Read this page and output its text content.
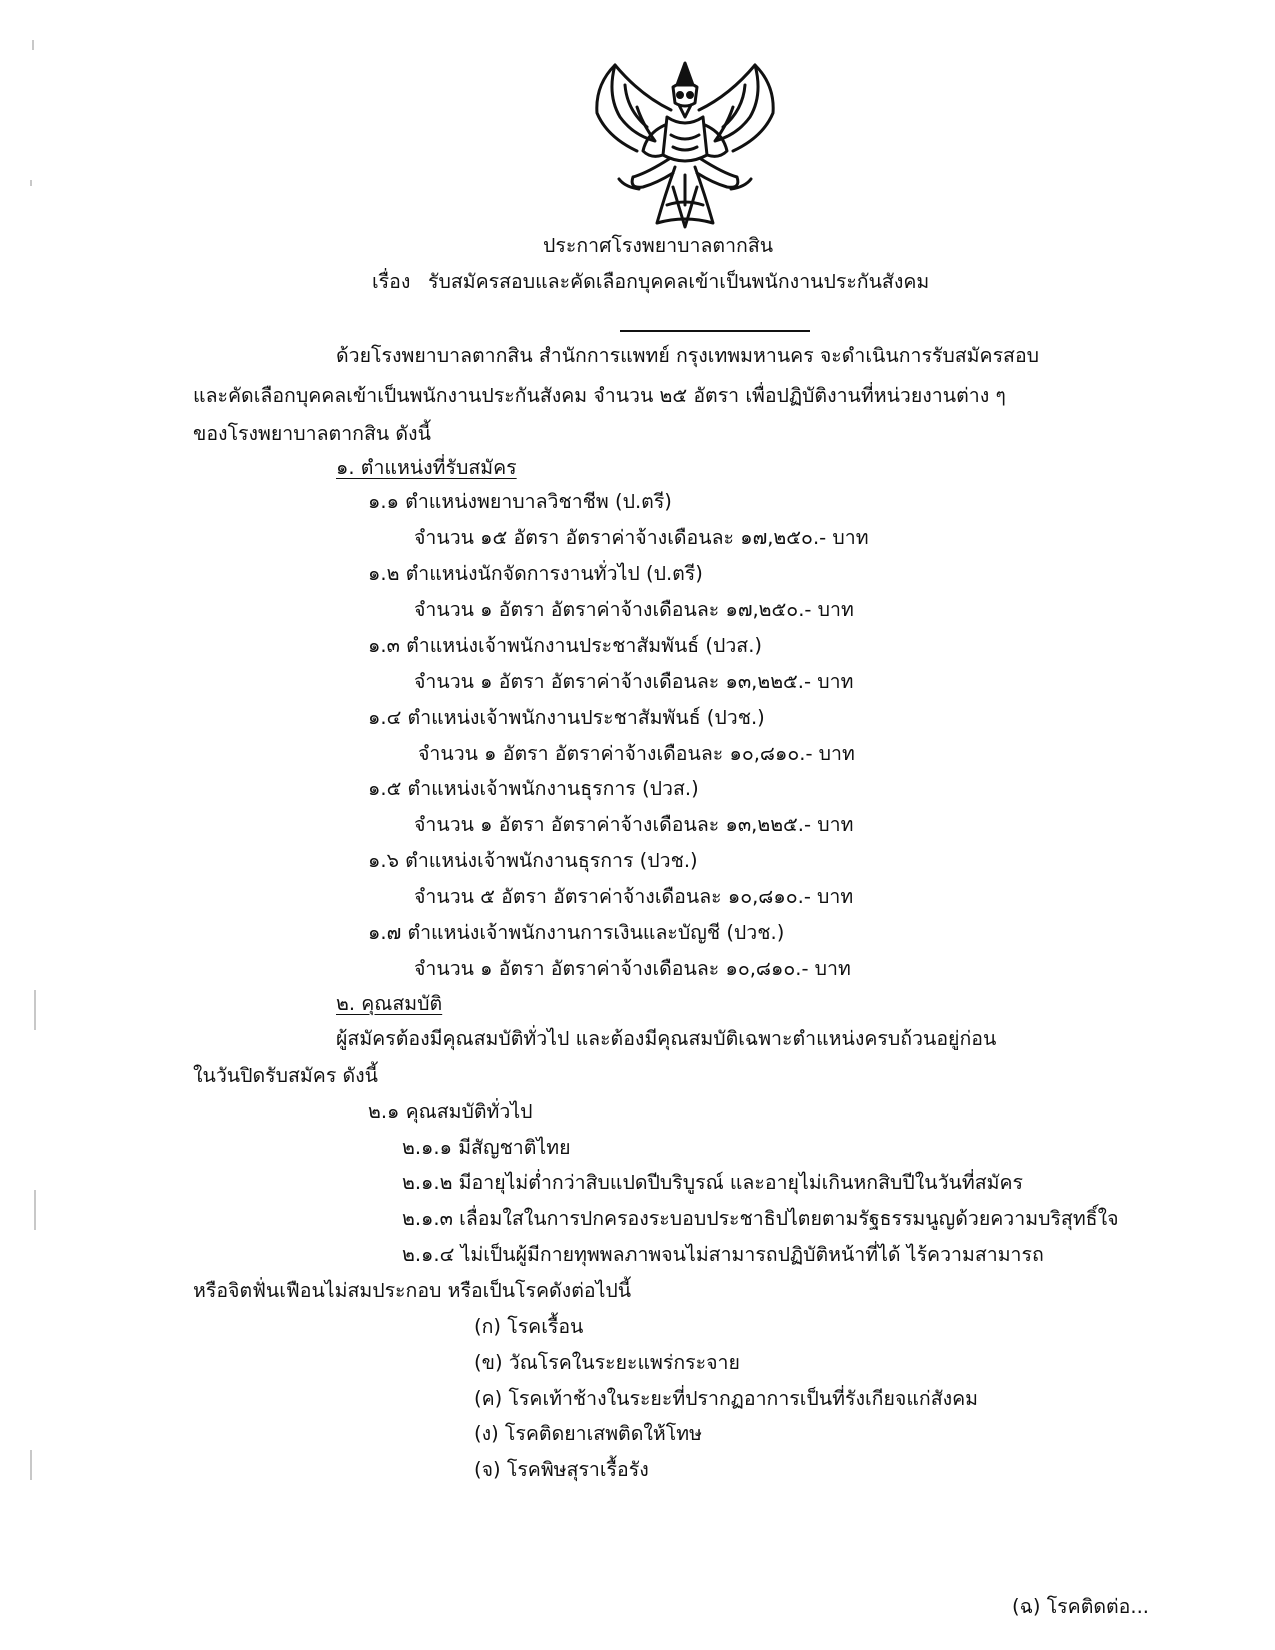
ประกาศโรงพยาบาลตากสิน
เรื่อง รับสมัครสอบและคัดเลือกบุคคลเข้าเป็นพนักงานประกันสังคม
ด้วยโรงพยาบาลตากสิน สำนักการแพทย์ กรุงเทพมหานคร จะดำเนินการรับสมัครสอบ
และคัดเลือกบุคคลเข้าเป็นพนักงานประกันสังคม จำนวน ๒๕ อัตรา เพื่อปฏิบัติงานที่หน่วยงานต่าง ๆ
ของโรงพยาบาลตากสิน ดังนี้
๑. ตำแหน่งที่รับสมัคร
๑.๑ ตำแหน่งพยาบาลวิชาชีพ (ป.ตรี)
จำนวน ๑๕ อัตรา อัตราค่าจ้างเดือนละ ๑๗,๒๕๐.- บาท
๑.๒ ตำแหน่งนักจัดการงานทั่วไป (ป.ตรี)
จำนวน ๑ อัตรา อัตราค่าจ้างเดือนละ ๑๗,๒๕๐.- บาท
๑.๓ ตำแหน่งเจ้าพนักงานประชาสัมพันธ์ (ปวส.)
จำนวน ๑ อัตรา อัตราค่าจ้างเดือนละ ๑๓,๒๒๕.- บาท
๑.๔ ตำแหน่งเจ้าพนักงานประชาสัมพันธ์ (ปวช.)
จำนวน ๑ อัตรา อัตราค่าจ้างเดือนละ ๑๐,๘๑๐.- บาท
๑.๕ ตำแหน่งเจ้าพนักงานธุรการ (ปวส.)
จำนวน ๑ อัตรา อัตราค่าจ้างเดือนละ ๑๓,๒๒๕.- บาท
๑.๖ ตำแหน่งเจ้าพนักงานธุรการ (ปวช.)
จำนวน ๕ อัตรา อัตราค่าจ้างเดือนละ ๑๐,๘๑๐.- บาท
๑.๗ ตำแหน่งเจ้าพนักงานการเงินและบัญชี (ปวช.)
จำนวน ๑ อัตรา อัตราค่าจ้างเดือนละ ๑๐,๘๑๐.- บาท
๒. คุณสมบัติ
ผู้สมัครต้องมีคุณสมบัติทั่วไป และต้องมีคุณสมบัติเฉพาะตำแหน่งครบถ้วนอยู่ก่อน
ในวันปิดรับสมัคร ดังนี้
๒.๑ คุณสมบัติทั่วไป
๒.๑.๑ มีสัญชาติไทย
๒.๑.๒ มีอายุไม่ต่ำกว่าสิบแปดปีบริบูรณ์ และอายุไม่เกินหกสิบปีในวันที่สมัคร
๒.๑.๓ เลื่อมใสในการปกครองระบอบประชาธิปไตยตามรัฐธรรมนูญด้วยความบริสุทธิ์ใจ
๒.๑.๔ ไม่เป็นผู้มีกายทุพพลภาพจนไม่สามารถปฏิบัติหน้าที่ได้ ไร้ความสามารถ
หรือจิตฟั่นเฟือนไม่สมประกอบ หรือเป็นโรคดังต่อไปนี้
(ก) โรคเรื้อน
(ข) วัณโรคในระยะแพร่กระจาย
(ค) โรคเท้าช้างในระยะที่ปรากฏอาการเป็นที่รังเกียจแก่สังคม
(ง) โรคติดยาเสพติดให้โทษ
(จ) โรคพิษสุราเรื้อรัง
(ฉ) โรคติดต่อ...
